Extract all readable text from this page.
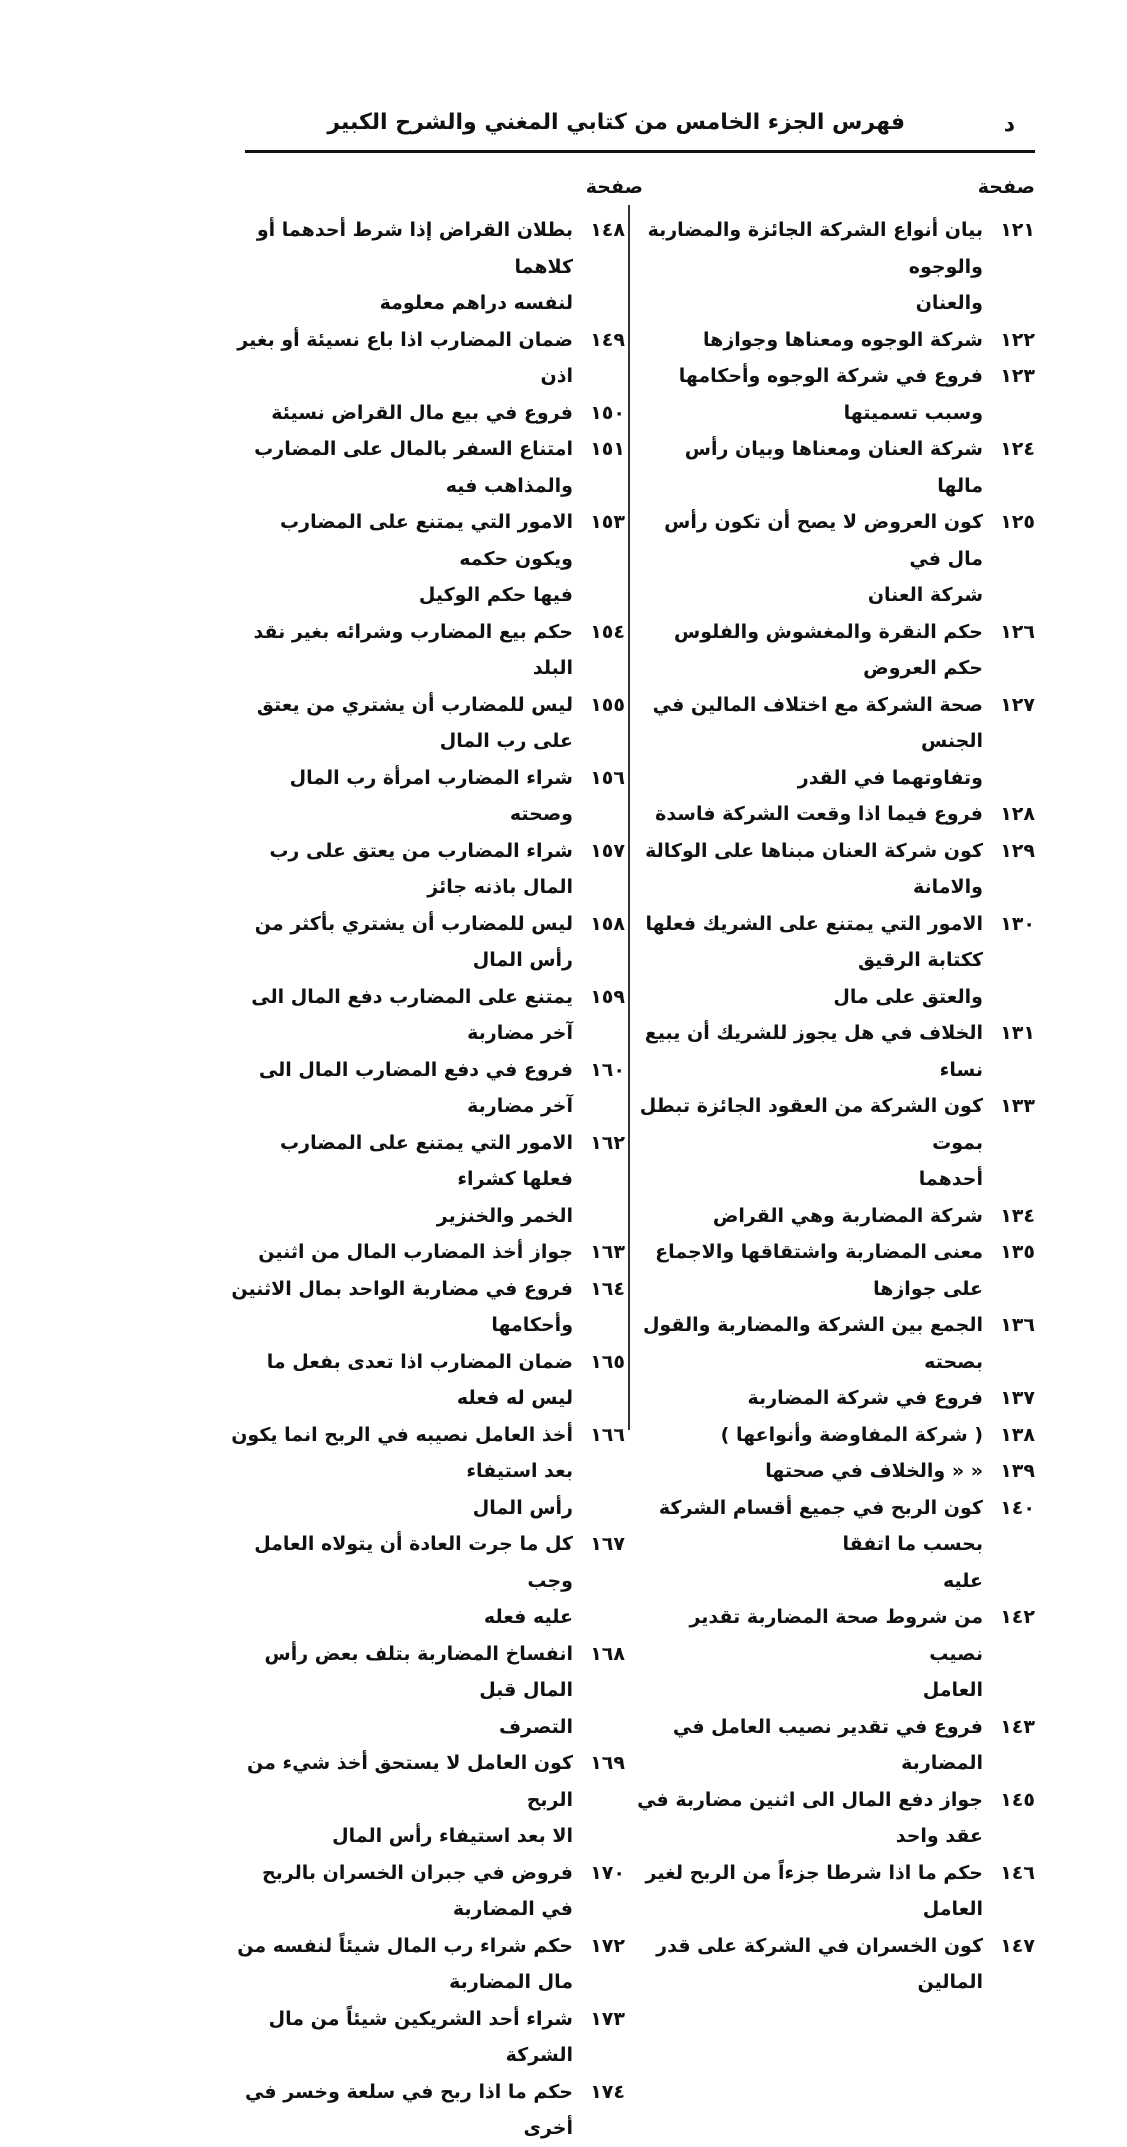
فهرس الجزء الخامس من كتابي المغني والشرح الكبير	د
صفحة
صفحة
١٢١
بيان أنواع الشركة الجائزة والمضاربة والوجوه
والعنان
١٢٢
شركة الوجوه ومعناها وجوازها
١٢٣
فروع في شركة الوجوه وأحكامها وسبب تسميتها
١٢٤
شركة العنان ومعناها وبيان رأس مالها
١٢٥
كون العروض لا يصح أن تكون رأس مال في
شركة العنان
١٢٦
حكم النقرة والمغشوش والفلوس حكم العروض
١٢٧
صحة الشركة مع اختلاف المالين في الجنس
وتفاوتهما في القدر
١٢٨
فروع فيما اذا وقعت الشركة فاسدة
١٢٩
كون شركة العنان مبناها على الوكالة والامانة
١٣٠
الامور التي يمتنع على الشريك فعلها ككتابة الرقيق
والعتق على مال
١٣١
الخلاف في هل يجوز للشريك أن يبيع نساء
١٣٣
كون الشركة من العقود الجائزة تبطل بموت
أحدهما
١٣٤
شركة المضاربة وهي القراض
١٣٥
معنى المضاربة واشتقاقها والاجماع على جوازها
١٣٦
الجمع بين الشركة والمضاربة والقول بصحته
١٣٧
فروع في شركة المضاربة
١٣٨
( شركة المفاوضة وأنواعها )
١٣٩
« « والخلاف في صحتها
١٤٠
كون الربح في جميع أقسام الشركة بحسب ما اتفقا
عليه
١٤٢
من شروط صحة المضاربة تقدير نصيب
العامل
١٤٣
فروع في تقدير نصيب العامل في المضاربة
١٤٥
جواز دفع المال الى اثنين مضاربة في عقد واحد
١٤٦
حكم ما اذا شرطا جزءاً من الربح لغير العامل
١٤٧
كون الخسران في الشركة على قدر المالين
١٤٨
بطلان القراض إذا شرط أحدهما أو كلاهما
لنفسه دراهم معلومة
١٤٩
ضمان المضارب اذا باع نسيئة أو بغير اذن
١٥٠
فروع في بيع مال القراض نسيئة
١٥١
امتناع السفر بالمال على المضارب والمذاهب فيه
١٥٣
الامور التي يمتنع على المضارب ويكون حكمه
فيها حكم الوكيل
١٥٤
حكم بيع المضارب وشرائه بغير نقد البلد
١٥٥
ليس للمضارب أن يشتري من يعتق على رب المال
١٥٦
شراء المضارب امرأة رب المال وصحته
١٥٧
شراء المضارب من يعتق على رب المال باذنه جائز
١٥٨
ليس للمضارب أن يشتري بأكثر من رأس المال
١٥٩
يمتنع على المضارب دفع المال الى آخر مضاربة
١٦٠
فروع في دفع المضارب المال الى آخر مضاربة
١٦٢
الامور التي يمتنع على المضارب فعلها كشراء
الخمر والخنزير
١٦٣
جواز أخذ المضارب المال من اثنين
١٦٤
فروع في مضاربة الواحد بمال الاثنين وأحكامها
١٦٥
ضمان المضارب اذا تعدى بفعل ما ليس له فعله
١٦٦
أخذ العامل نصيبه في الربح انما يكون بعد استيفاء
رأس المال
١٦٧
كل ما جرت العادة أن يتولاه العامل وجب
عليه فعله
١٦٨
انفساخ المضاربة بتلف بعض رأس المال قبل
التصرف
١٦٩
كون العامل لا يستحق أخذ شيء من الربح
الا بعد استيفاء رأس المال
١٧٠
فروض في جبران الخسران بالربح في المضاربة
١٧٢
حكم شراء رب المال شيئاً لنفسه من مال المضاربة
١٧٣
شراء أحد الشريكين شيئاً من مال الشركة
١٧٤
حكم ما اذا ربح في سلعة وخسر في أخرى
